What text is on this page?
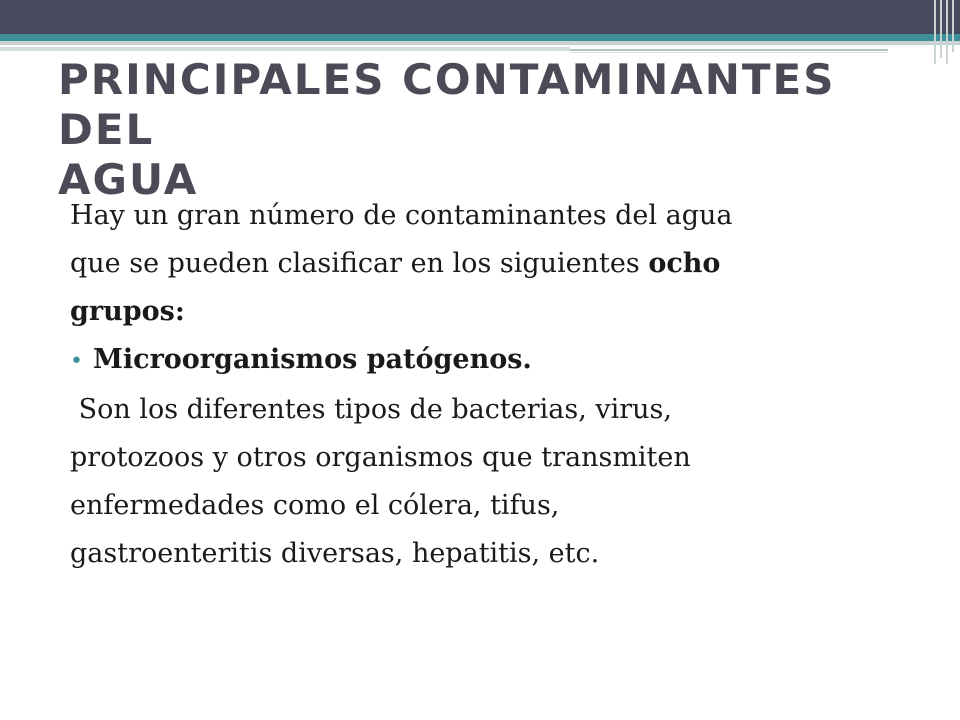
PRINCIPALES CONTAMINANTES DEL
AGUA
Hay un gran número de contaminantes del agua
que se pueden clasificar en los siguientes ocho
grupos:
• Microorganismos patógenos.
Son los diferentes tipos de bacterias, virus,
protozoos y otros organismos que transmiten
enfermedades como el cólera, tifus,
gastroenteritis diversas, hepatitis, etc.
